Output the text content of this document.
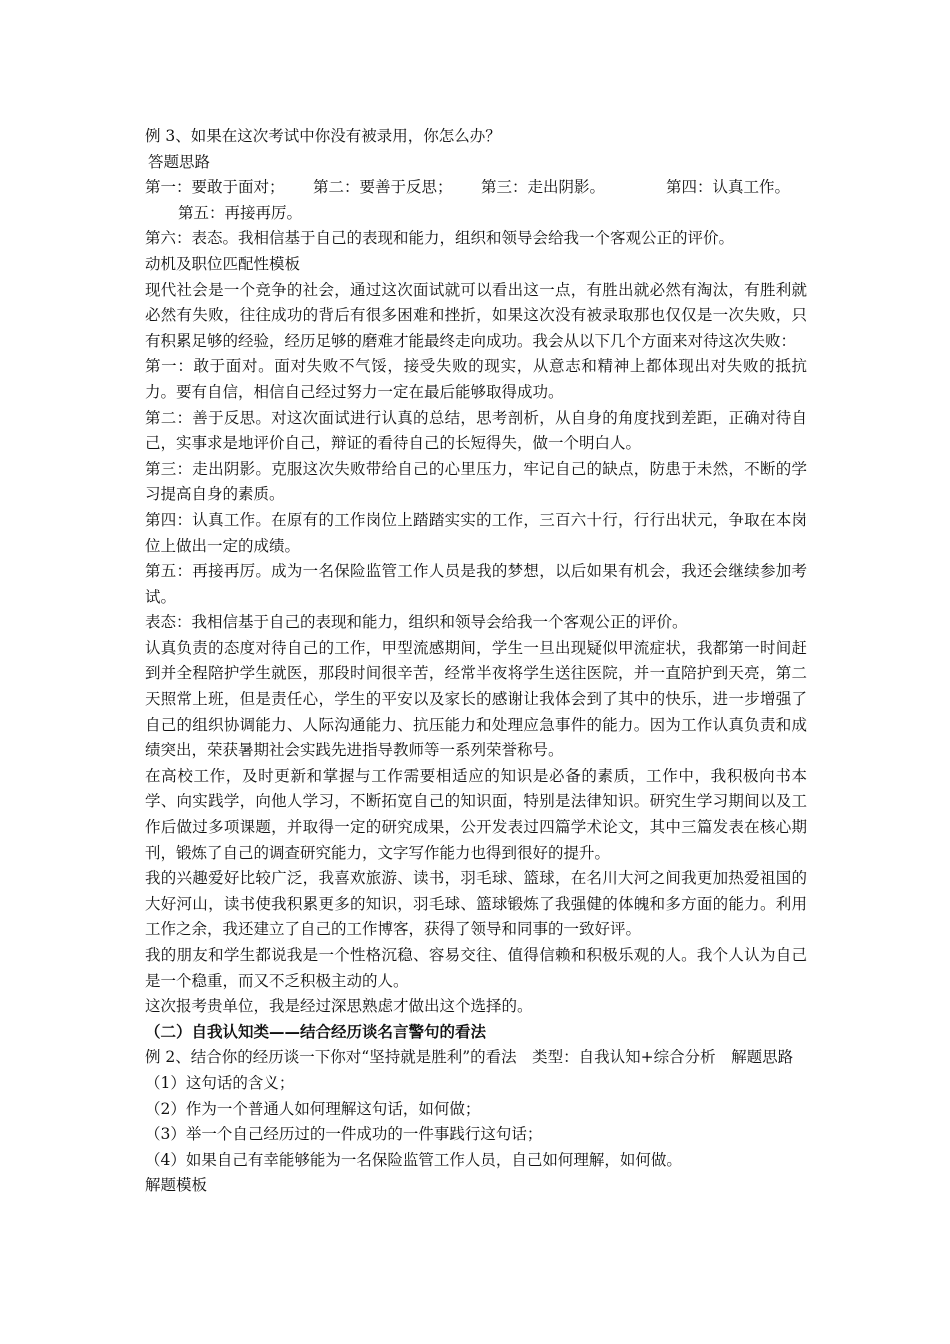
例 3、如果在这次考试中你没有被录用，你怎么办？
答题思路
第一：要敢于面对； 第二：要善于反思； 第三：走出阴影。	第四：认真工作。
第五：再接再厉。
第六：表态。我相信基于自己的表现和能力，组织和领导会给我一个客观公正的评价。
动机及职位匹配性模板
现代社会是一个竞争的社会，通过这次面试就可以看出这一点，有胜出就必然有淘汰，有胜利就必然有失败，往往成功的背后有很多困难和挫折，如果这次没有被录取那也仅仅是一次失败，只有积累足够的经验，经历足够的磨难才能最终走向成功。我会从以下几个方面来对待这次失败：
第一：敢于面对。面对失败不气馁，接受失败的现实，从意志和精神上都体现出对失败的抵抗力。要有自信，相信自己经过努力一定在最后能够取得成功。
第二：善于反思。对这次面试进行认真的总结，思考剖析，从自身的角度找到差距，正确对待自己，实事求是地评价自己，辩证的看待自己的长短得失，做一个明白人。
第三：走出阴影。克服这次失败带给自己的心里压力，牢记自己的缺点，防患于未然，不断的学习提高自身的素质。
第四：认真工作。在原有的工作岗位上踏踏实实的工作，三百六十行，行行出状元，争取在本岗位上做出一定的成绩。
第五：再接再厉。成为一名保险监管工作人员是我的梦想，以后如果有机会，我还会继续参加考试。
表态：我相信基于自己的表现和能力，组织和领导会给我一个客观公正的评价。
认真负责的态度对待自己的工作，甲型流感期间，学生一旦出现疑似甲流症状，我都第一时间赶到并全程陪护学生就医，那段时间很辛苦，经常半夜将学生送往医院，并一直陪护到天亮，第二天照常上班，但是责任心，学生的平安以及家长的感谢让我体会到了其中的快乐，进一步增强了自己的组织协调能力、人际沟通能力、抗压能力和处理应急事件的能力。因为工作认真负责和成绩突出，荣获暑期社会实践先进指导教师等一系列荣誉称号。
在高校工作，及时更新和掌握与工作需要相适应的知识是必备的素质，工作中，我积极向书本学、向实践学，向他人学习，不断拓宽自己的知识面，特别是法律知识。研究生学习期间以及工作后做过多项课题，并取得一定的研究成果，公开发表过四篇学术论文，其中三篇发表在核心期刊，锻炼了自己的调查研究能力，文字写作能力也得到很好的提升。
我的兴趣爱好比较广泛，我喜欢旅游、读书，羽毛球、篮球，在名川大河之间我更加热爱祖国的大好河山，读书使我积累更多的知识，羽毛球、篮球锻炼了我强健的体魄和多方面的能力。利用工作之余，我还建立了自己的工作博客，获得了领导和同事的一致好评。
我的朋友和学生都说我是一个性格沉稳、容易交往、值得信赖和积极乐观的人。我个人认为自己是一个稳重，而又不乏积极主动的人。
这次报考贵单位，我是经过深思熟虑才做出这个选择的。
（二）自我认知类——结合经历谈名言警句的看法
例 2、结合你的经历谈一下你对“坚持就是胜利”的看法　类型：自我认知+综合分析　解题思路
（1）这句话的含义；
（2）作为一个普通人如何理解这句话，如何做；
（3）举一个自己经历过的一件成功的一件事践行这句话；（4）如果自己有幸能够能为一名保险监管工作人员，自己如何理解，如何做。
解题模板
